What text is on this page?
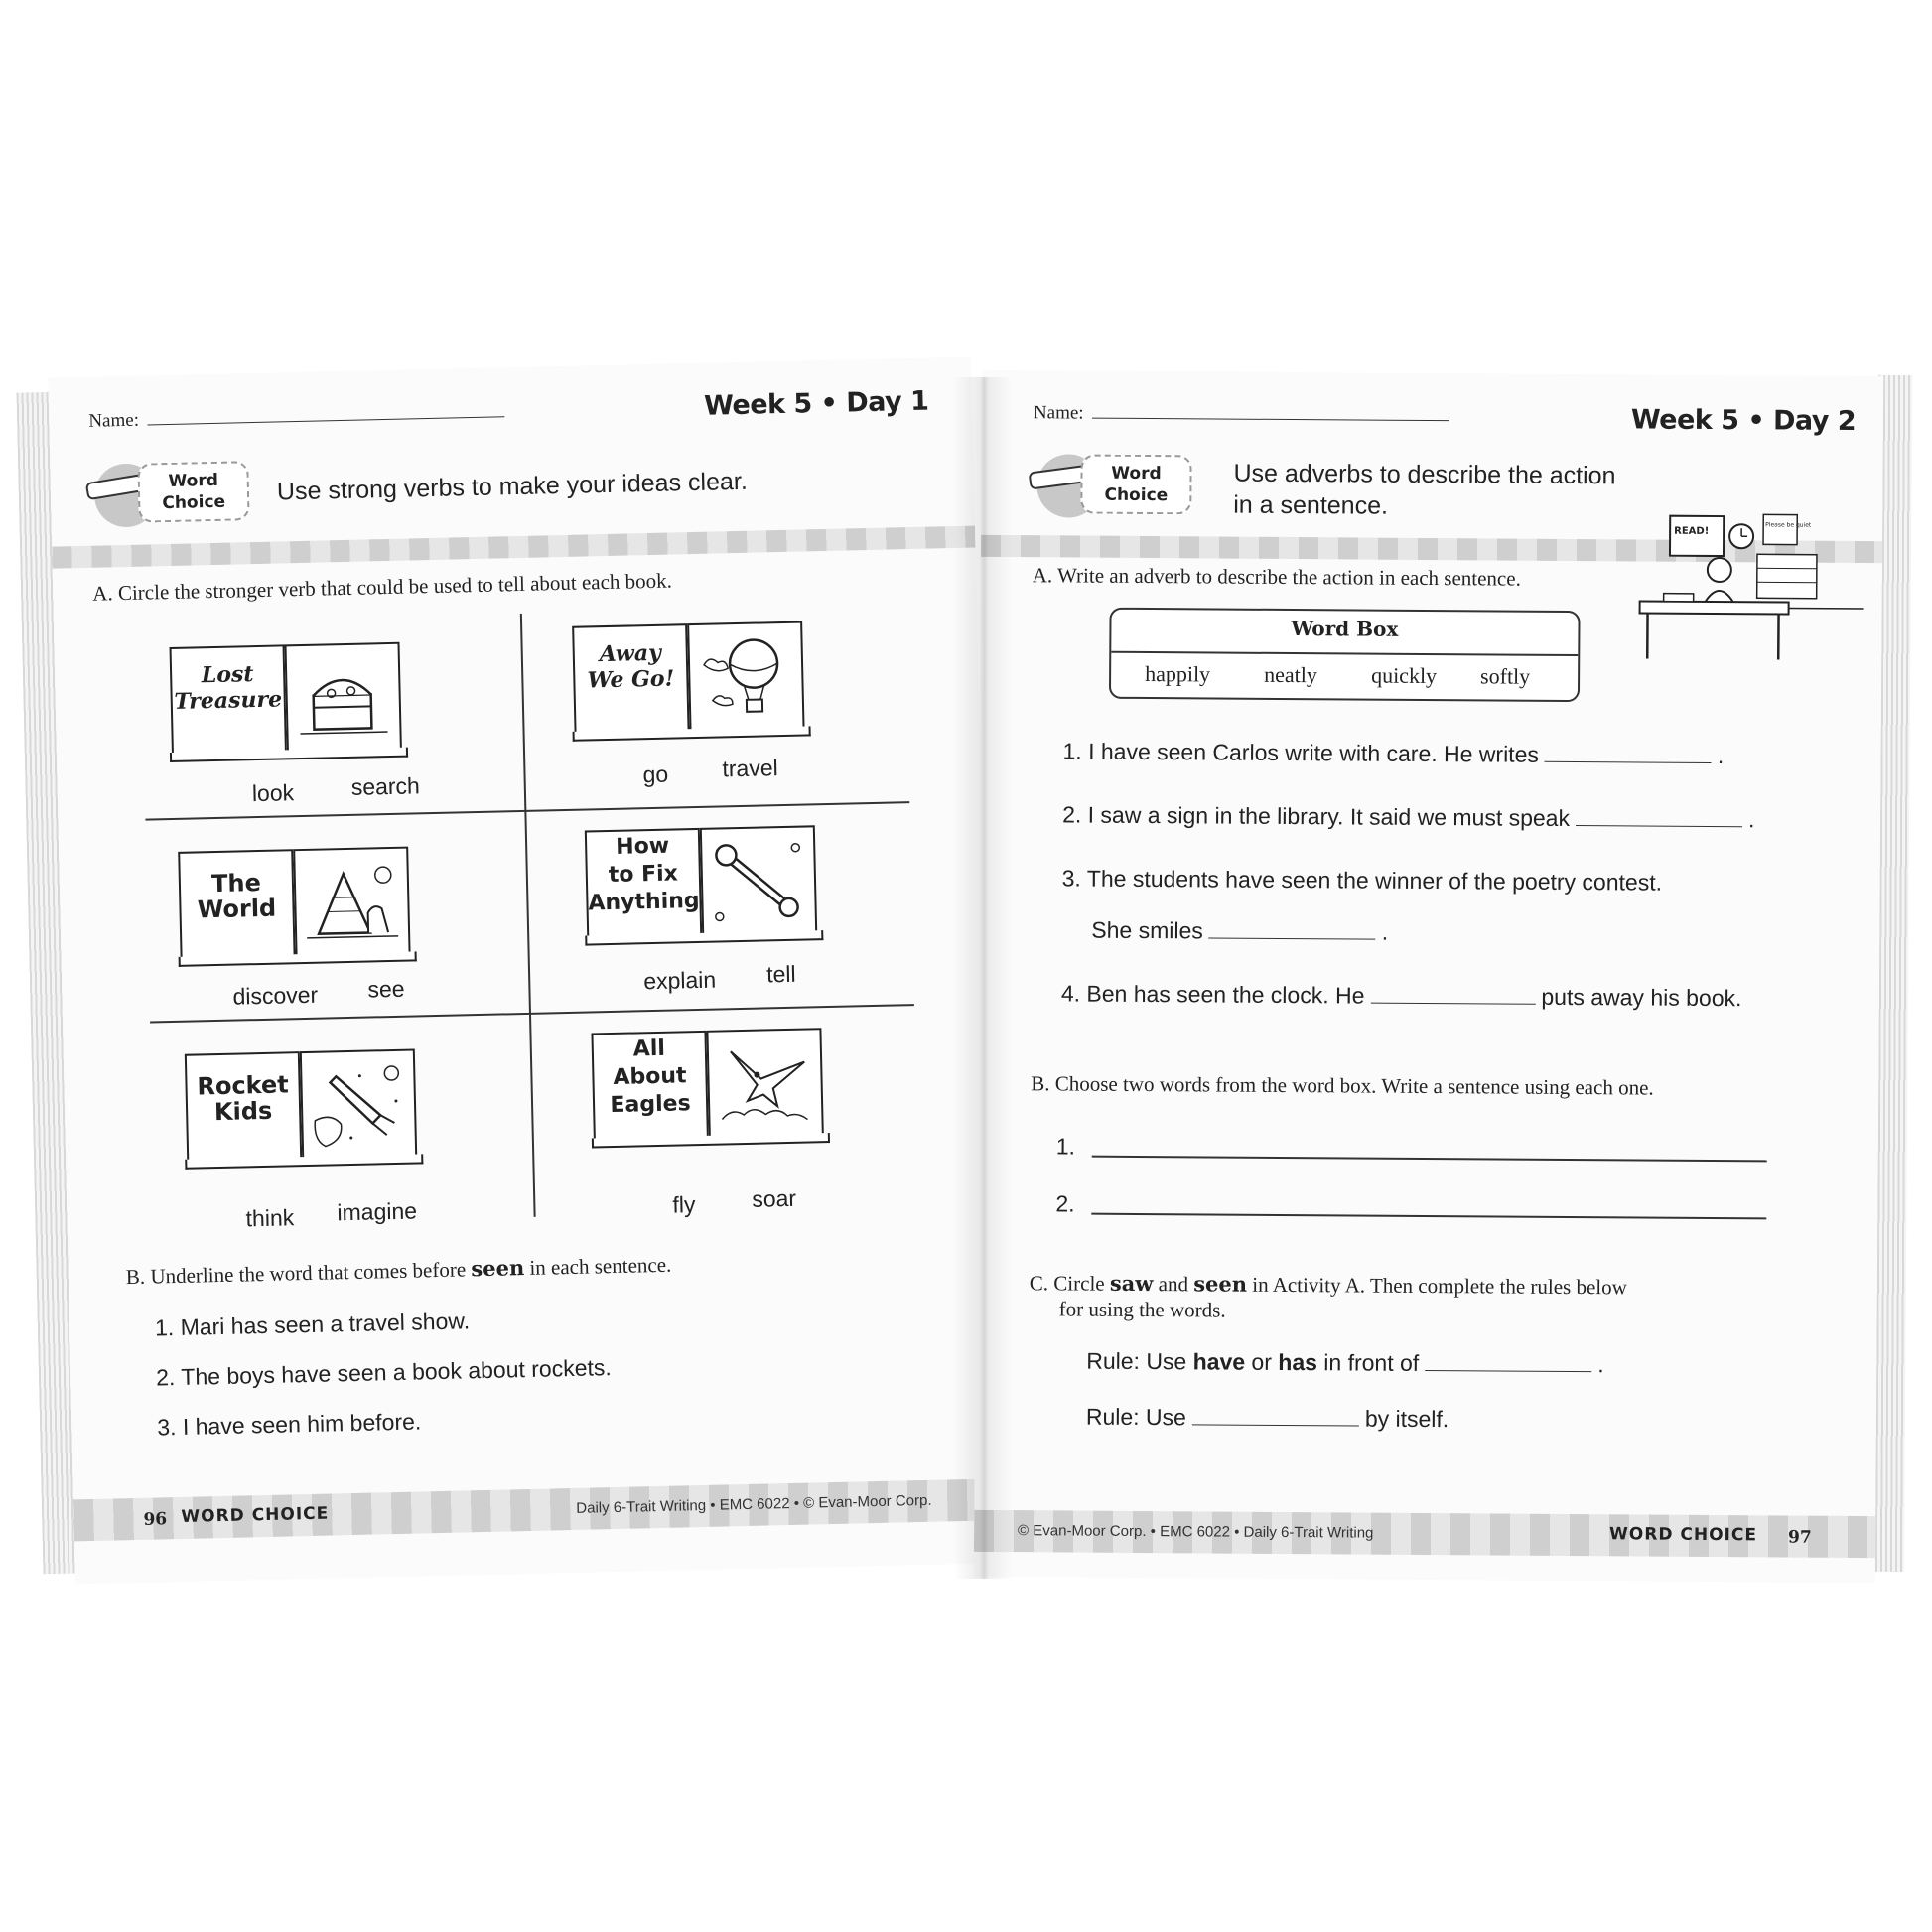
Name:	Week 5 • Day 1
Word
Choice	Use strong verbs to make your ideas clear.
A. Circle the stronger verb that could be used to tell about each book.
Lost
Treasure
look search
Away
We Go!
go travel
The
World
discover see
How
to Fix
Anything
explain tell
Rocket
Kids
think imagine
All
About
Eagles
fly soar
B. Underline the word that comes before seen in each sentence.
1. Mari has seen a travel show.
2. The boys have seen a book about rockets.
3. I have seen him before.
96 WORD CHOICE	Daily 6-Trait Writing • EMC 6022 • © Evan-Moor Corp.
Name:	Week 5 • Day 2
Word
Choice
Use adverbs to describe the action
in a sentence.
READ!
Please be quiet
A. Write an adverb to describe the action in each sentence.
Word Box
happily neatly quickly softly
1. I have seen Carlos write with care. He writes	.
2. I saw a sign in the library. It said we must speak	.
3. The students have seen the winner of the poetry contest.
She smiles	.
4. Ben has seen the clock. He	puts away his book.
B. Choose two words from the word box. Write a sentence using each one.
1.
2.
C. Circle saw and seen in Activity A. Then complete the rules below
for using the words.
Rule: Use have or has in front of	.
Rule: Use	by itself.
© Evan-Moor Corp. • EMC 6022 • Daily 6-Trait Writing	WORD CHOICE 97
